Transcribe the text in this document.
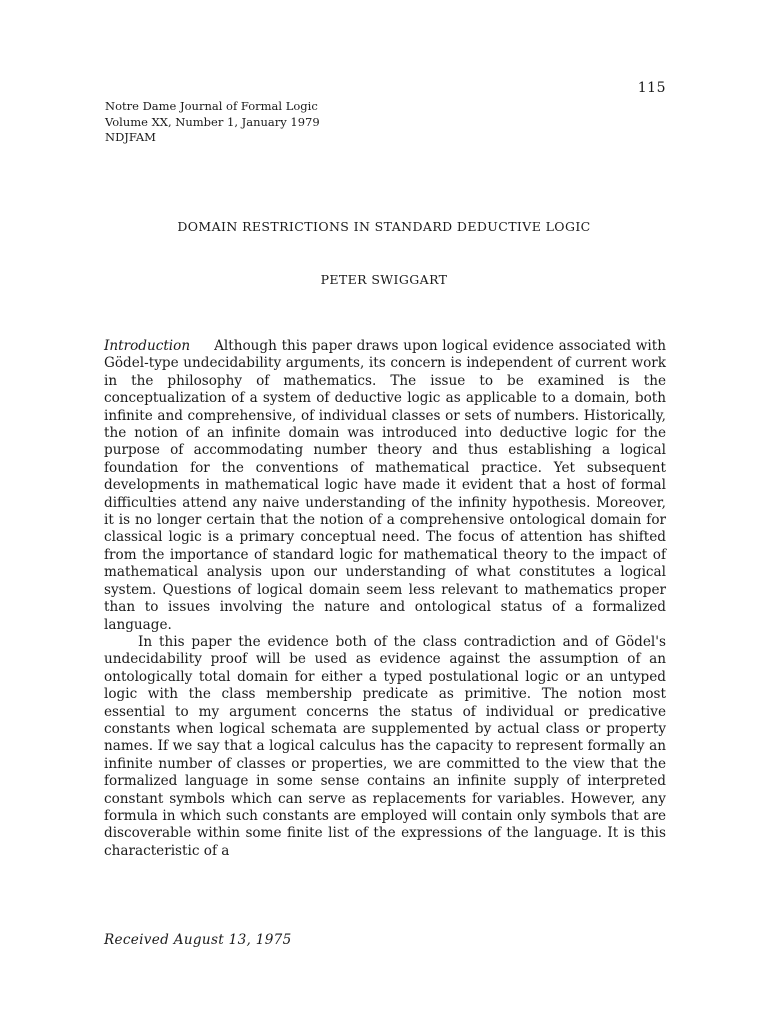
115
Notre Dame Journal of Formal Logic
Volume XX, Number 1, January 1979
NDJFAM
DOMAIN RESTRICTIONS IN STANDARD DEDUCTIVE LOGIC
PETER SWIGGART

Introduction Although this paper draws upon logical evidence associated with Gödel-type undecidability arguments, its concern is independent of current work in the philosophy of mathematics. The issue to be examined is the conceptualization of a system of deductive logic as applicable to a domain, both infinite and comprehensive, of individual classes or sets of numbers. Historically, the notion of an infinite domain was introduced into deductive logic for the purpose of accommodating number theory and thus establishing a logical foundation for the conventions of mathematical practice. Yet subsequent developments in mathematical logic have made it evident that a host of formal difficulties attend any naive understanding of the infinity hypothesis. Moreover, it is no longer certain that the notion of a comprehensive ontological domain for classical logic is a primary conceptual need. The focus of attention has shifted from the importance of standard logic for mathematical theory to the impact of mathematical analysis upon our understanding of what constitutes a logical system. Questions of logical domain seem less relevant to mathematics proper than to issues involving the nature and ontological status of a formalized language.

In this paper the evidence both of the class contradiction and of Gödel's undecidability proof will be used as evidence against the assumption of an ontologically total domain for either a typed postulational logic or an untyped logic with the class membership predicate as primitive. The notion most essential to my argument concerns the status of individual or predicative constants when logical schemata are supplemented by actual class or property names. If we say that a logical calculus has the capacity to represent formally an infinite number of classes or properties, we are committed to the view that the formalized language in some sense contains an infinite supply of interpreted constant symbols which can serve as replacements for variables. However, any formula in which such constants are employed will contain only symbols that are discoverable within some finite list of the expressions of the language. It is this characteristic of a

Received August 13, 1975
